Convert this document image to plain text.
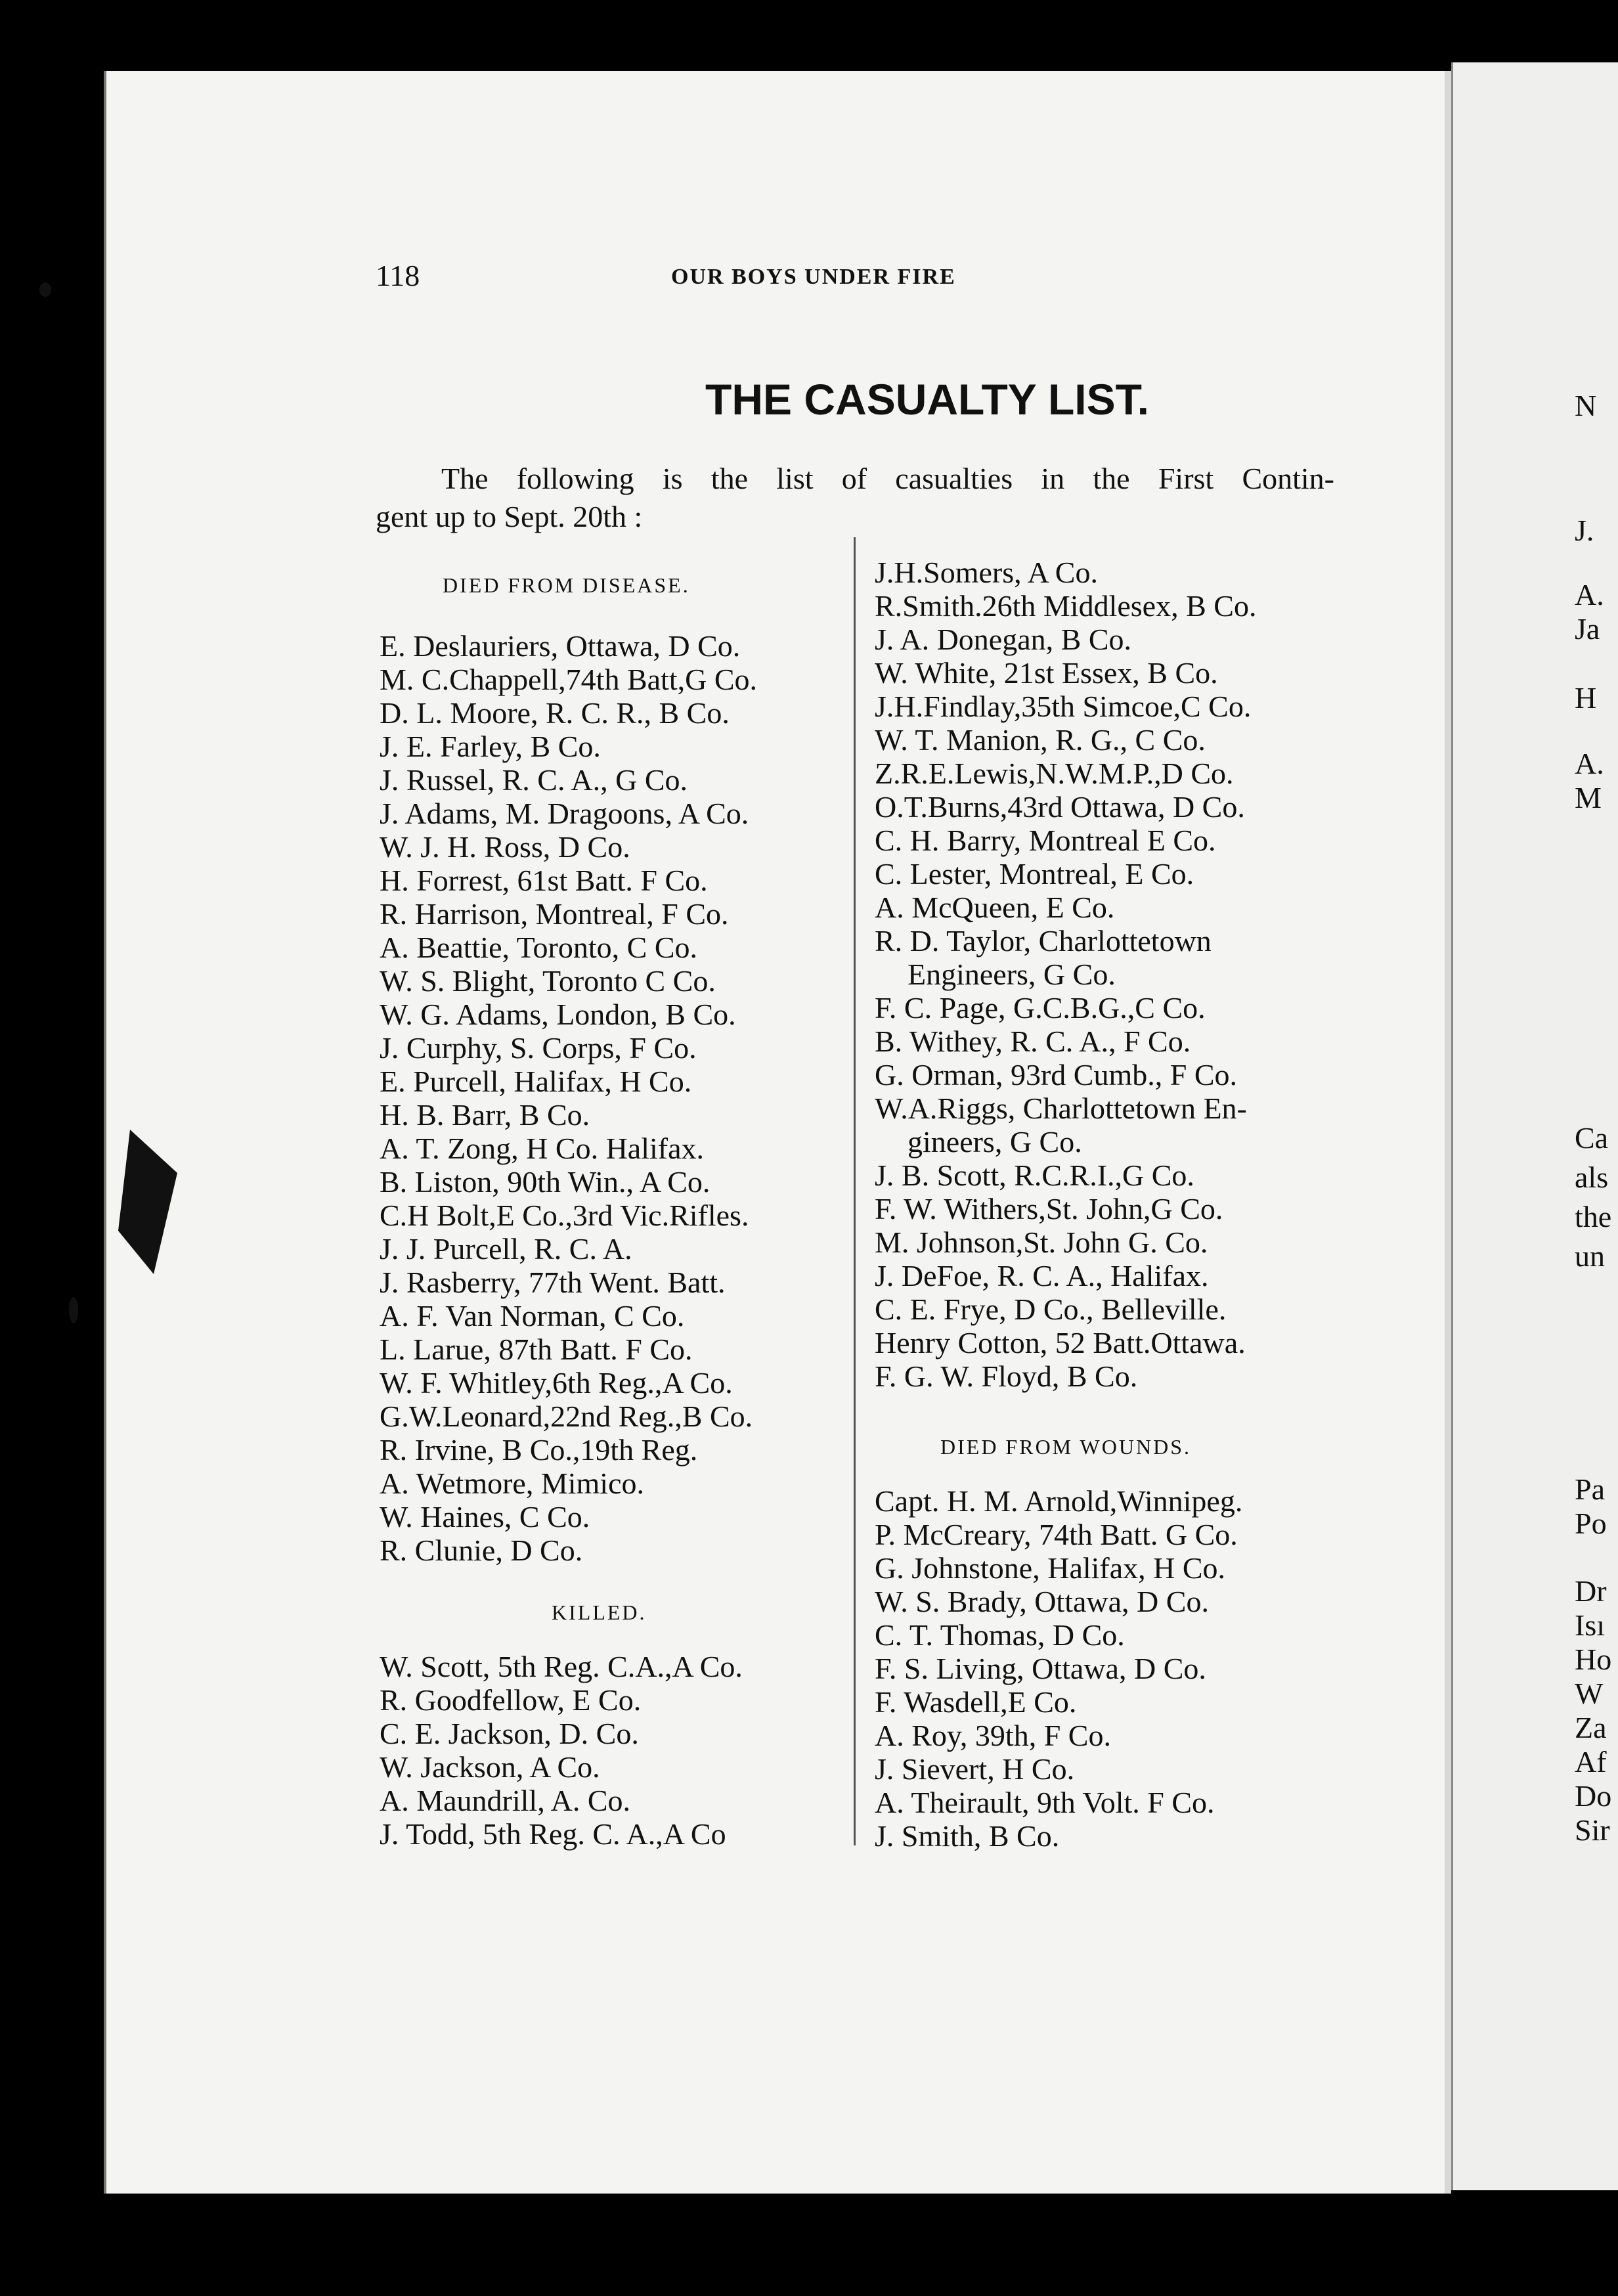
N
J.
A.
Ja
H
A.
M
Ca
als
the
un
Pa
Po
Dr
Isı
Ho
W
Za
Af
Do
Sir
118	OUR BOYS UNDER FIRE
THE CASUALTY LIST.
The following is the list of casualties in the First Contin-
gent up to Sept. 20th :
DIED FROM DISEASE.
E. Deslauriers, Ottawa, D Co.
M. C.Chappell,74th Batt,G Co.
D. L. Moore, R. C. R., B Co.
J. E. Farley, B Co.
J. Russel, R. C. A., G Co.
J. Adams, M. Dragoons, A Co.
W. J. H. Ross, D Co.
H. Forrest, 61st Batt. F Co.
R. Harrison, Montreal, F Co.
A. Beattie, Toronto, C Co.
W. S. Blight, Toronto C Co.
W. G. Adams, London, B Co.
J. Curphy, S. Corps, F Co.
E. Purcell, Halifax, H Co.
H. B. Barr, B Co.
A. T. Zong, H Co. Halifax.
B. Liston, 90th Win., A Co.
C.H Bolt,E Co.,3rd Vic.Rifles.
J. J. Purcell, R. C. A.
J. Rasberry, 77th Went. Batt.
A. F. Van Norman, C Co.
L. Larue, 87th Batt. F Co.
W. F. Whitley,6th Reg.,A Co.
G.W.Leonard,22nd Reg.,B Co.
R. Irvine, B Co.,19th Reg.
A. Wetmore, Mimico.
W. Haines, C Co.
R. Clunie, D Co.
KILLED.
W. Scott, 5th Reg. C.A.,A Co.
R. Goodfellow, E Co.
C. E. Jackson, D. Co.
W. Jackson, A Co.
A. Maundrill, A. Co.
J. Todd, 5th Reg. C. A.,A Co
J.H.Somers, A Co.
R.Smith.26th Middlesex, B Co.
J. A. Donegan, B Co.
W. White, 21st Essex, B Co.
J.H.Findlay,35th Simcoe,C Co.
W. T. Manion, R. G., C Co.
Z.R.E.Lewis,N.W.M.P.,D Co.
O.T.Burns,43rd Ottawa, D Co.
C. H. Barry, Montreal E Co.
C. Lester, Montreal, E Co.
A. McQueen, E Co.
R. D. Taylor, Charlottetown
Engineers, G Co.
F. C. Page, G.C.B.G.,C Co.
B. Withey, R. C. A., F Co.
G. Orman, 93rd Cumb., F Co.
W.A.Riggs, Charlottetown En-
gineers, G Co.
J. B. Scott, R.C.R.I.,G Co.
F. W. Withers,St. John,G Co.
M. Johnson,St. John G. Co.
J. DeFoe, R. C. A., Halifax.
C. E. Frye, D Co., Belleville.
Henry Cotton, 52 Batt.Ottawa.
F. G. W. Floyd, B Co.
DIED FROM WOUNDS.
Capt. H. M. Arnold,Winnipeg.
P. McCreary, 74th Batt. G Co.
G. Johnstone, Halifax, H Co.
W. S. Brady, Ottawa, D Co.
C. T. Thomas, D Co.
F. S. Living, Ottawa, D Co.
F. Wasdell,E Co.
A. Roy, 39th, F Co.
J. Sievert, H Co.
A. Theirault, 9th Volt. F Co.
J. Smith, B Co.
